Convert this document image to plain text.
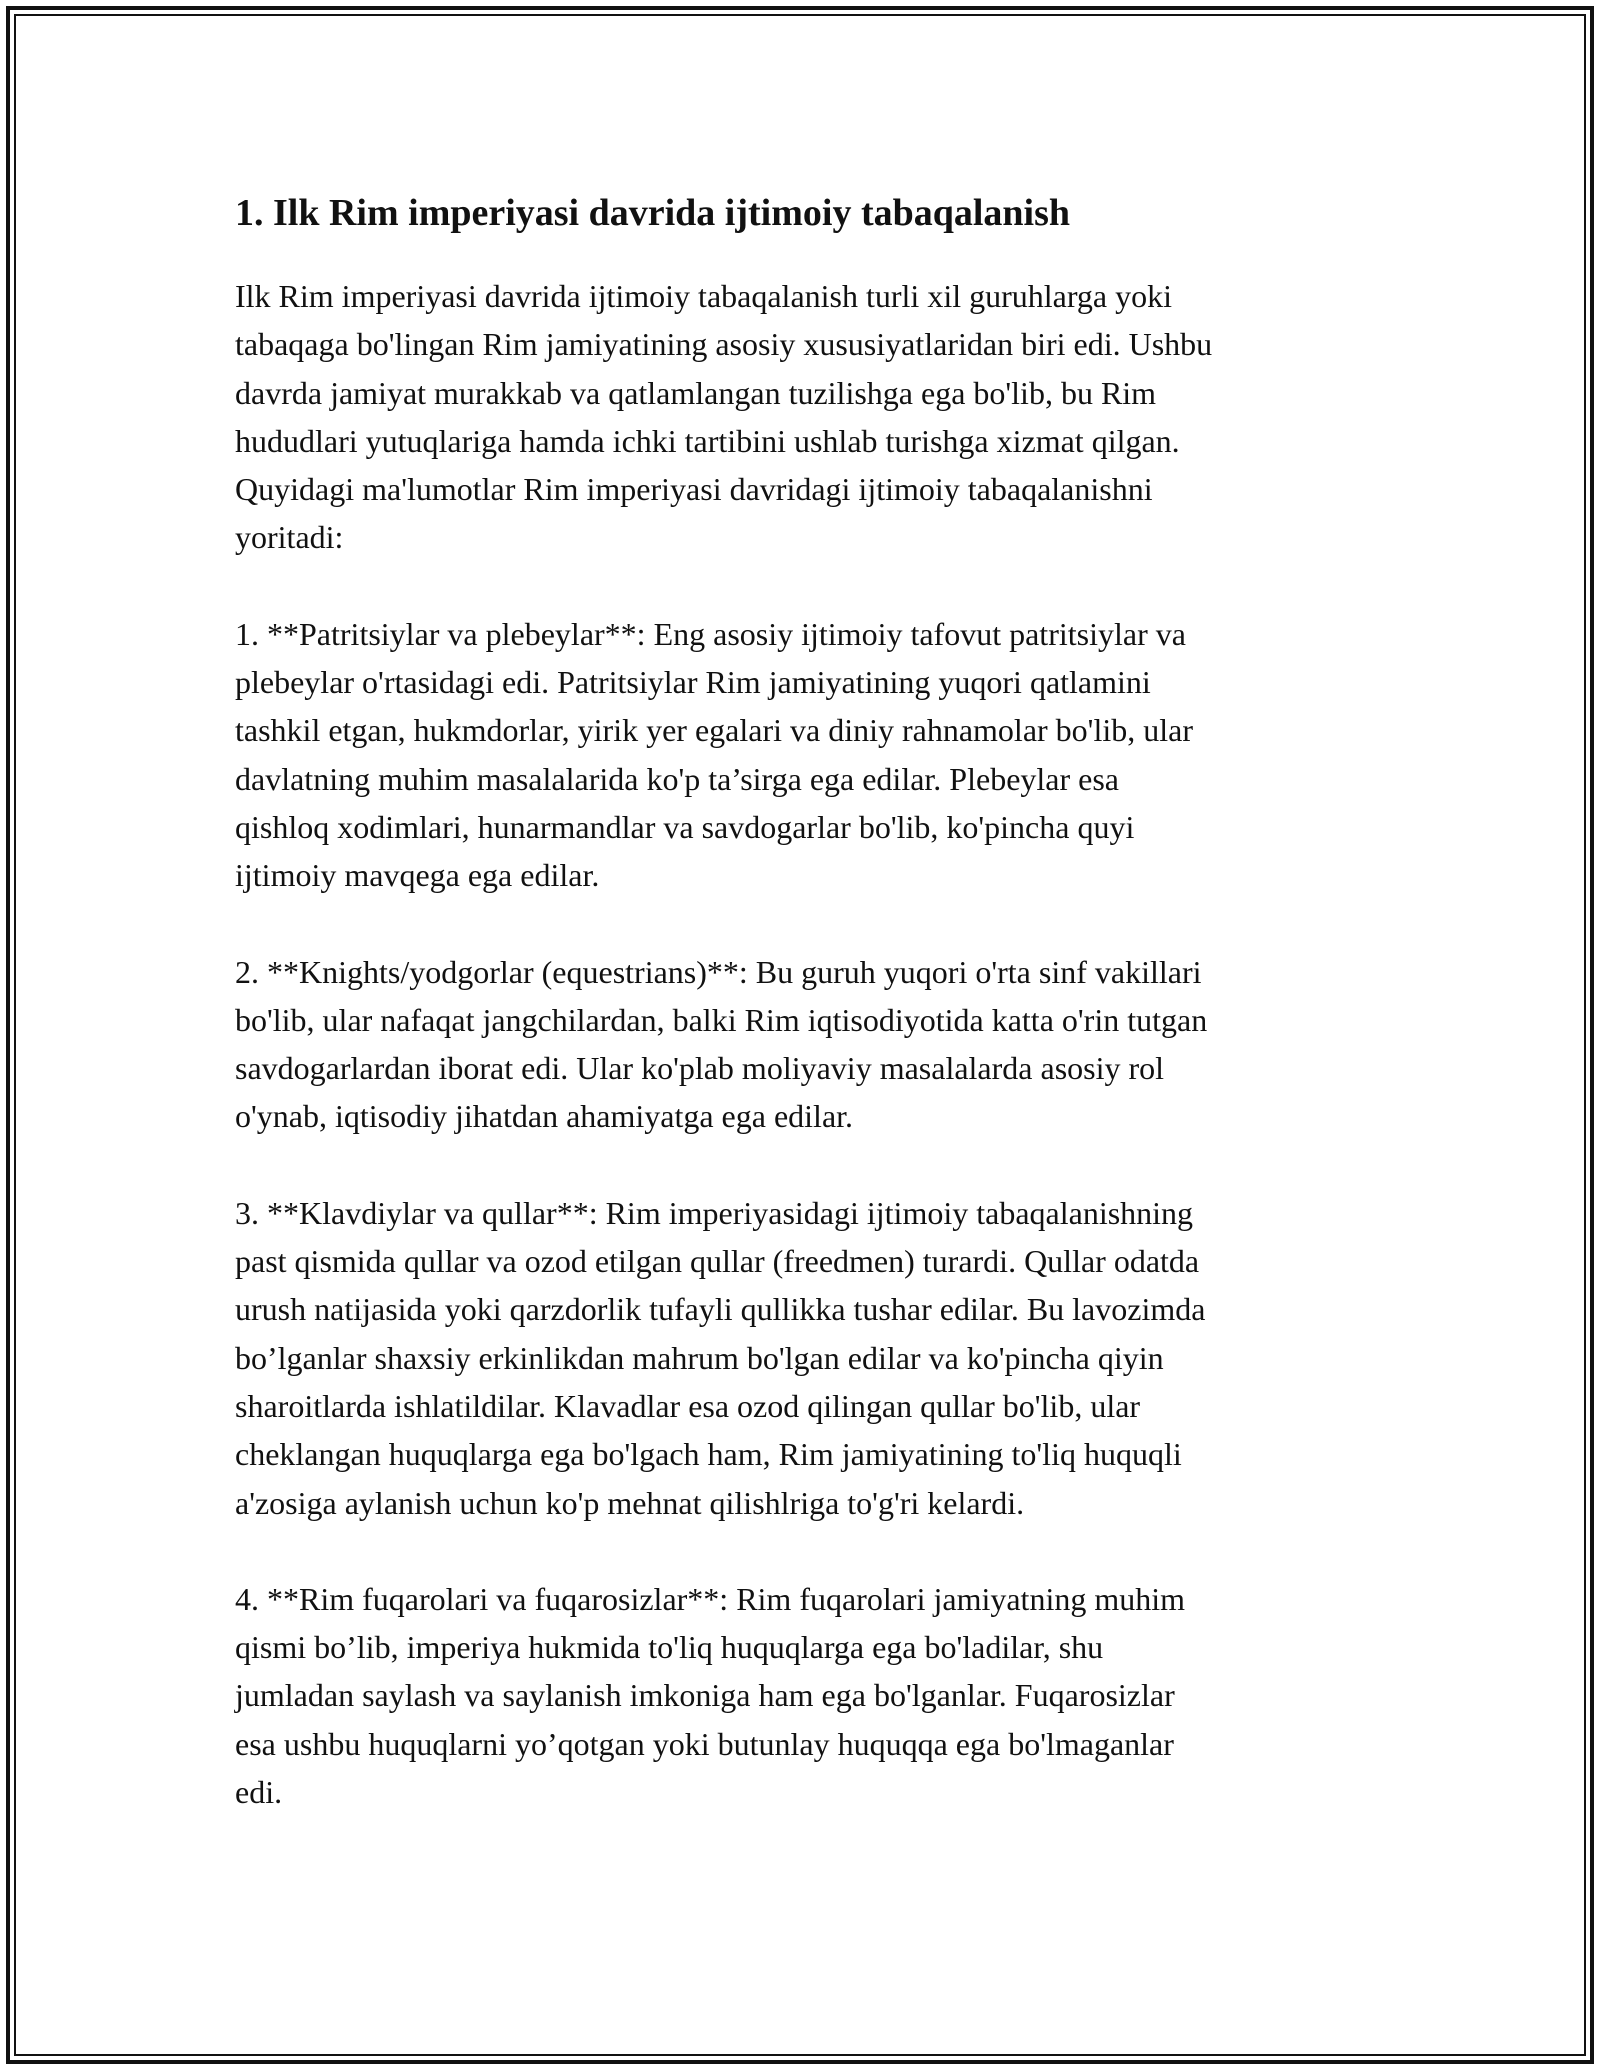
1. Ilk Rim imperiyasi davrida ijtimoiy tabaqalanish

Ilk Rim imperiyasi davrida ijtimoiy tabaqalanish turli xil guruhlarga yoki
tabaqaga bo'lingan Rim jamiyatining asosiy xususiyatlaridan biri edi. Ushbu
davrda jamiyat murakkab va qatlamlangan tuzilishga ega bo'lib, bu Rim
hududlari yutuqlariga hamda ichki tartibini ushlab turishga xizmat qilgan.
Quyidagi ma'lumotlar Rim imperiyasi davridagi ijtimoiy tabaqalanishni
yoritadi:

1. **Patritsiylar va plebeylar**: Eng asosiy ijtimoiy tafovut patritsiylar va
plebeylar o'rtasidagi edi. Patritsiylar Rim jamiyatining yuqori qatlamini
tashkil etgan, hukmdorlar, yirik yer egalari va diniy rahnamolar bo'lib, ular
davlatning muhim masalalarida ko'p ta’sirga ega edilar. Plebeylar esa
qishloq xodimlari, hunarmandlar va savdogarlar bo'lib, ko'pincha quyi
ijtimoiy mavqega ega edilar.

2. **Knights/yodgorlar (equestrians)**: Bu guruh yuqori o'rta sinf vakillari
bo'lib, ular nafaqat jangchilardan, balki Rim iqtisodiyotida katta o'rin tutgan
savdogarlardan iborat edi. Ular ko'plab moliyaviy masalalarda asosiy rol
o'ynab, iqtisodiy jihatdan ahamiyatga ega edilar.

3. **Klavdiylar va qullar**: Rim imperiyasidagi ijtimoiy tabaqalanishning
past qismida qullar va ozod etilgan qullar (freedmen) turardi. Qullar odatda
urush natijasida yoki qarzdorlik tufayli qullikka tushar edilar. Bu lavozimda
bo’lganlar shaxsiy erkinlikdan mahrum bo'lgan edilar va ko'pincha qiyin
sharoitlarda ishlatildilar. Klavadlar esa ozod qilingan qullar bo'lib, ular
cheklangan huquqlarga ega bo'lgach ham, Rim jamiyatining to'liq huquqli
a'zosiga aylanish uchun ko'p mehnat qilishlriga to'g'ri kelardi.

4. **Rim fuqarolari va fuqarosizlar**: Rim fuqarolari jamiyatning muhim
qismi bo’lib, imperiya hukmida to'liq huquqlarga ega bo'ladilar, shu
jumladan saylash va saylanish imkoniga ham ega bo'lganlar. Fuqarosizlar
esa ushbu huquqlarni yo’qotgan yoki butunlay huquqqa ega bo'lmaganlar
edi.
